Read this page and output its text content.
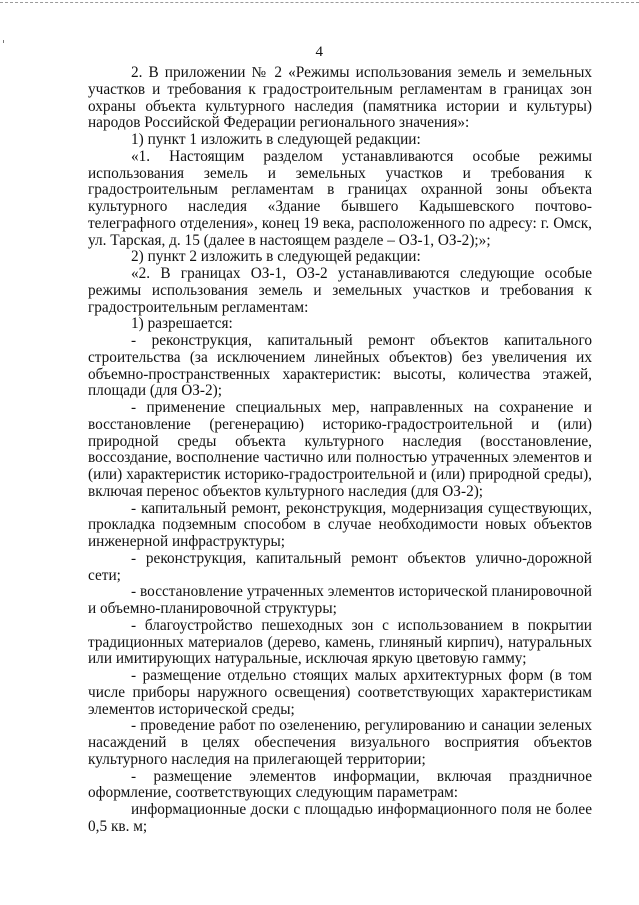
4

2. В приложении № 2 «Режимы использования земель и земельных участков и требования к градостроительным регламентам в границах зон охраны объекта культурного наследия (памятника истории и культуры) народов Российской Федерации регионального значения»:

1) пункт 1 изложить в следующей редакции:

«1. Настоящим разделом устанавливаются особые режимы использования земель и земельных участков и требования к градостроительным регламентам в границах охранной зоны объекта культурного наследия «Здание бывшего Кадышевского почтово-телеграфного отделения», конец 19 века, расположенного по адресу: г. Омск, ул. Тарская, д. 15 (далее в настоящем разделе – ОЗ-1, ОЗ-2);»;

2) пункт 2 изложить в следующей редакции:

«2. В границах ОЗ-1, ОЗ-2 устанавливаются следующие особые режимы использования земель и земельных участков и требования к градостроительным регламентам:

1) разрешается:

- реконструкция, капитальный ремонт объектов капитального строительства (за исключением линейных объектов) без увеличения их объемно-пространственных характеристик: высоты, количества этажей, площади (для ОЗ-2);

- применение специальных мер, направленных на сохранение и восстановление (регенерацию) историко-градостроительной и (или) природной среды объекта культурного наследия (восстановление, воссоздание, восполнение частично или полностью утраченных элементов и (или) характеристик историко-градостроительной и (или) природной среды), включая перенос объектов культурного наследия (для ОЗ-2);

- капитальный ремонт, реконструкция, модернизация существующих, прокладка подземным способом в случае необходимости новых объектов инженерной инфраструктуры;

- реконструкция, капитальный ремонт объектов улично-дорожной сети;

- восстановление утраченных элементов исторической планировочной и объемно-планировочной структуры;

- благоустройство пешеходных зон с использованием в покрытии традиционных материалов (дерево, камень, глиняный кирпич), натуральных или имитирующих натуральные, исключая яркую цветовую гамму;

- размещение отдельно стоящих малых архитектурных форм (в том числе приборы наружного освещения) соответствующих характеристикам элементов исторической среды;

- проведение работ по озеленению, регулированию и санации зеленых насаждений в целях обеспечения визуального восприятия объектов культурного наследия на прилегающей территории;

- размещение элементов информации, включая праздничное оформление, соответствующих следующим параметрам:

информационные доски с площадью информационного поля не более 0,5 кв. м;
